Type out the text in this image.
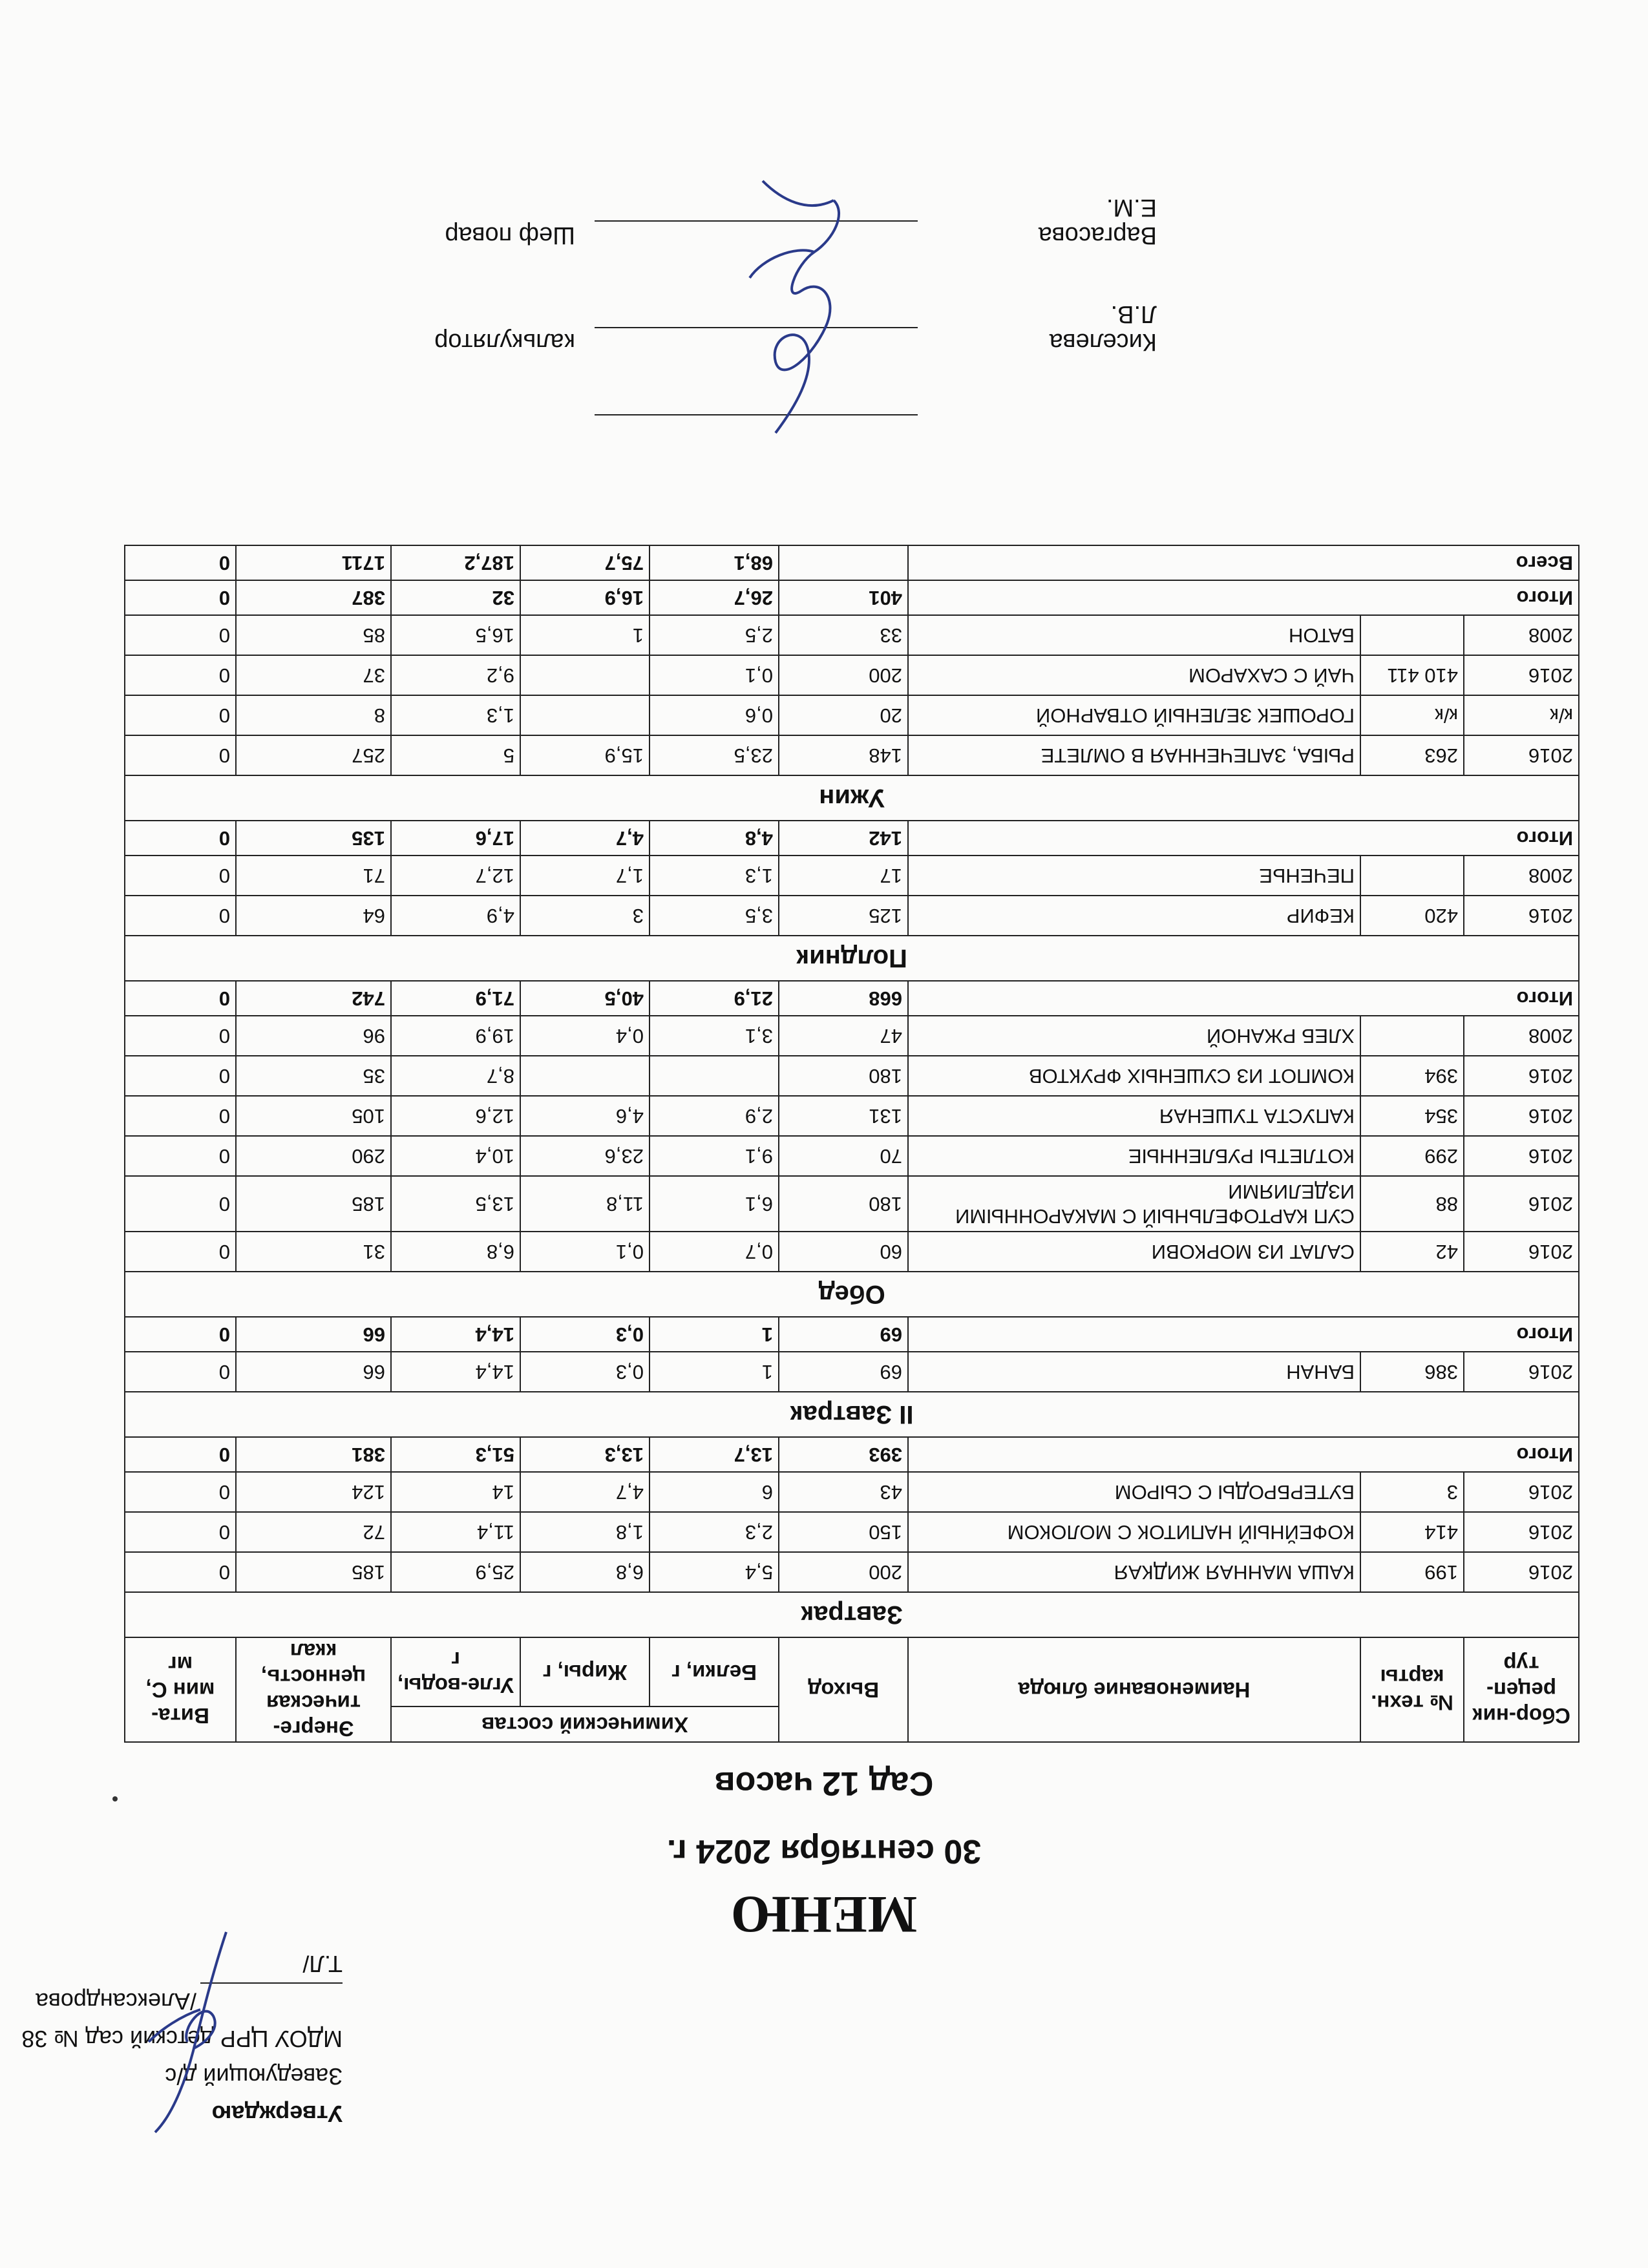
Утверждаю
Заведующий д/с
МДОУ ЦРР детский сад № 38
/Александрова Т.Л/
МЕНЮ
30 сентября 2024 г.
Сад 12 часов
Сбор-ник рецеп-тур	№ техн. карты	Наименование блюда	Выход	Химический состав			Энерге-тическая ценность, ккал	Вита-мин С, мг
				Белки, г	Жиры, г	Угле-воды, г		
Завтрак								
2016	199	КАША МАННАЯ ЖИДКАЯ	200	5,4	6,8	25,9	185	0
2016	414	КОФЕЙНЫЙ НАПИТОК С МОЛОКОМ	150	2,3	1,8	11,4	72	0
2016	3	БУТЕРБРОДЫ С СЫРОМ	43	6	4,7	14	124	0
Итого			393	13,7	13,3	51,3	381	0
II Завтрак								
2016	386	БАНАН	69	1	0,3	14,4	66	0
Итого			69	1	0,3	14,4	66	0
Обед								
2016	42	САЛАТ ИЗ МОРКОВИ	60	0,7	0,1	6,8	31	0
2016	88	СУП КАРТОФЕЛЬНЫЙ С МАКАРОННЫМИ ИЗДЕЛИЯМИ	180	6,1	11,8	13,5	185	0
2016	299	КОТЛЕТЫ РУБЛЕННЫЕ	70	9,1	23,6	10,4	290	0
2016	354	КАПУСТА ТУШЕНАЯ	131	2,9	4,6	12,6	105	0
2016	394	КОМПОТ ИЗ СУШЕНЫХ ФРУКТОВ	180			8,7	35	0
2008		ХЛЕБ РЖАНОЙ	47	3,1	0,4	19,9	96	0
Итого			668	21,9	40,5	71,9	742	0
Полдник								
2016	420	КЕФИР	125	3,5	3	4,9	64	0
2008		ПЕЧЕНЬЕ	17	1,3	1,7	12,7	71	0
Итого			142	4,8	4,7	17,6	135	0
Ужин								
2016	263	РЫБА, ЗАПЕЧЕННАЯ В ОМЛЕТЕ	148	23,5	15,9	5	257	0
к/к	к/к	ГОРОШЕК ЗЕЛЕНЫЙ ОТВАРНОЙ	20	0,6		1,3	8	0
2016	410 411	ЧАЙ С САХАРОМ	200	0,1		9,2	37	0
2008		БАТОН	33	2,5	1	16,5	85	0
Итого			401	26,7	16,9	32	387	0
Всего				68,1	75,7	187,2	1711	0
Киселева Л.В.
калькулятор
Варгасова Е.М.
Шеф повар
